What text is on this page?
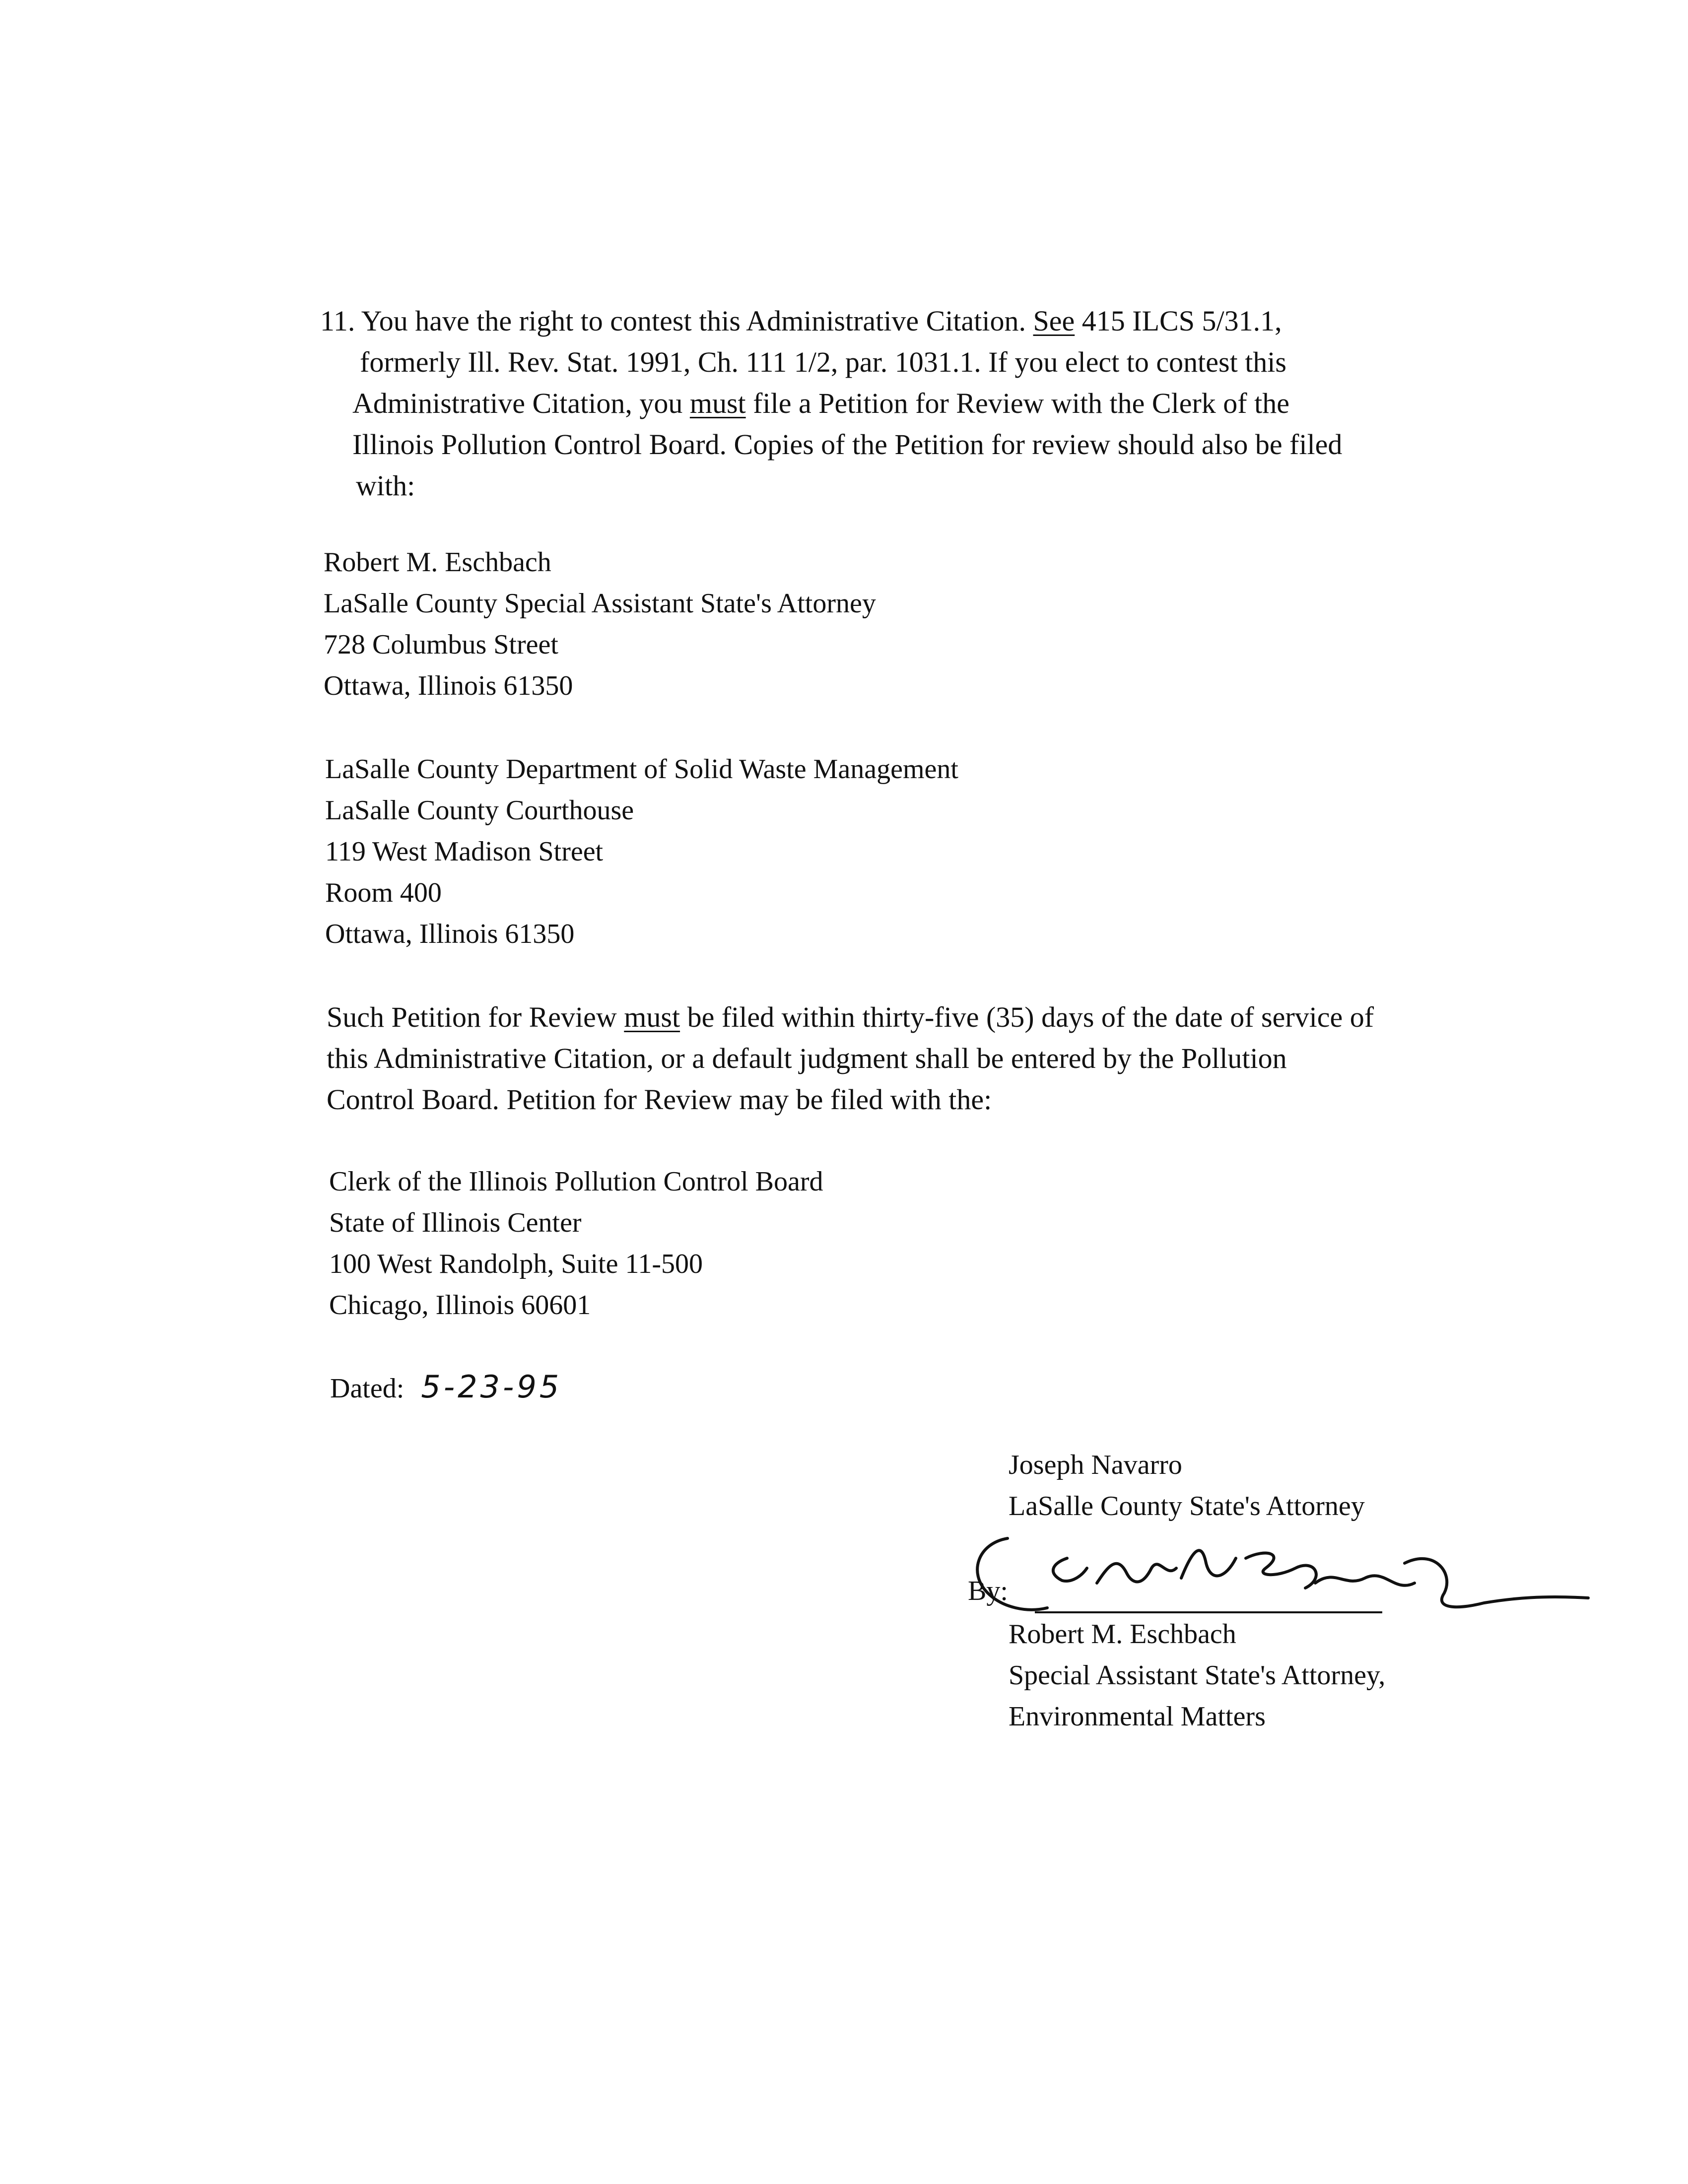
11. You have the right to contest this Administrative Citation. See 415 ILCS 5/31.1,
formerly Ill. Rev. Stat. 1991, Ch. 111 1/2, par. 1031.1. If you elect to contest this
Administrative Citation, you must file a Petition for Review with the Clerk of the
Illinois Pollution Control Board. Copies of the Petition for review should also be filed
with:
Robert M. Eschbach
LaSalle County Special Assistant State's Attorney
728 Columbus Street
Ottawa, Illinois 61350
LaSalle County Department of Solid Waste Management
LaSalle County Courthouse
119 West Madison Street
Room 400
Ottawa, Illinois 61350
Such Petition for Review must be filed within thirty-five (35) days of the date of service of
this Administrative Citation, or a default judgment shall be entered by the Pollution
Control Board. Petition for Review may be filed with the:
Clerk of the Illinois Pollution Control Board
State of Illinois Center
100 West Randolph, Suite 11-500
Chicago, Illinois 60601
Dated: 5-23-95
Joseph Navarro
LaSalle County State's Attorney
By:
Robert M. Eschbach
Special Assistant State's Attorney,
Environmental Matters
